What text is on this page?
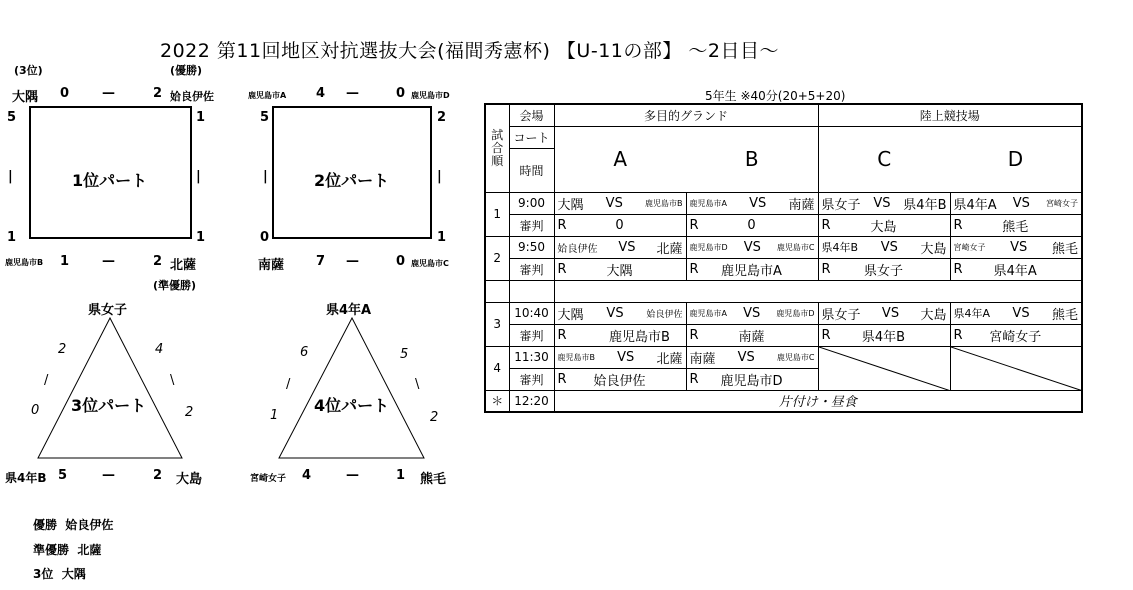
2022 第11回地区対抗選抜大会(福間秀憲杯) 【U-11の部】 〜2日目〜
(3位)	(優勝)
大隅 0	—	2 姶良伊佐
1位パート
5
|
1
1
|
1
鹿児島市B 1	—	2 北薩
(準優勝)
鹿児島市A 4 —	0 鹿児島市D
2位パート
5
|
0
2
|
1
南薩 7 —	0 鹿児島市C
県女子
3位パート
2
/
0
4
\
2
県4年B 5	—	2 大島
県4年A
4位パート
6
/
1
5
\
2
宮崎女子 4	—	1 熊毛
優勝 姶良伊佐
準優勝 北薩
3位 大隅
5年生 ※40分(20+5+20)
試合順	会場	多目的グランド		陸上競技場	
	コート	A	B	C	D
	時間				
1	9:00	大隅 VS 鹿児島市B	鹿児島市A VS 南薩	県女子 VS 県4年B	県4年A VS 宮崎女子

	審判	R 0	R 0	R 大島	R 熊毛

2	9:50	姶良伊佐 VS 北薩	鹿児島市D VS 鹿児島市C	県4年B VS 大島	宮崎女子 VS 熊毛

	審判	R 大隅	R 鹿児島市A	R 県女子	R 県4年A

3	10:40	大隅 VS 姶良伊佐	鹿児島市A VS 鹿児島市D	県女子 VS 大島	県4年A VS 熊毛

	審判	R 鹿児島市B	R 南薩	R 県4年B	R 宮崎女子

4	11:30	鹿児島市B VS 北薩	南薩 VS 鹿児島市C

	審判	R 姶良伊佐	R 鹿児島市D		

＊	12:20	片付け・昼食			
